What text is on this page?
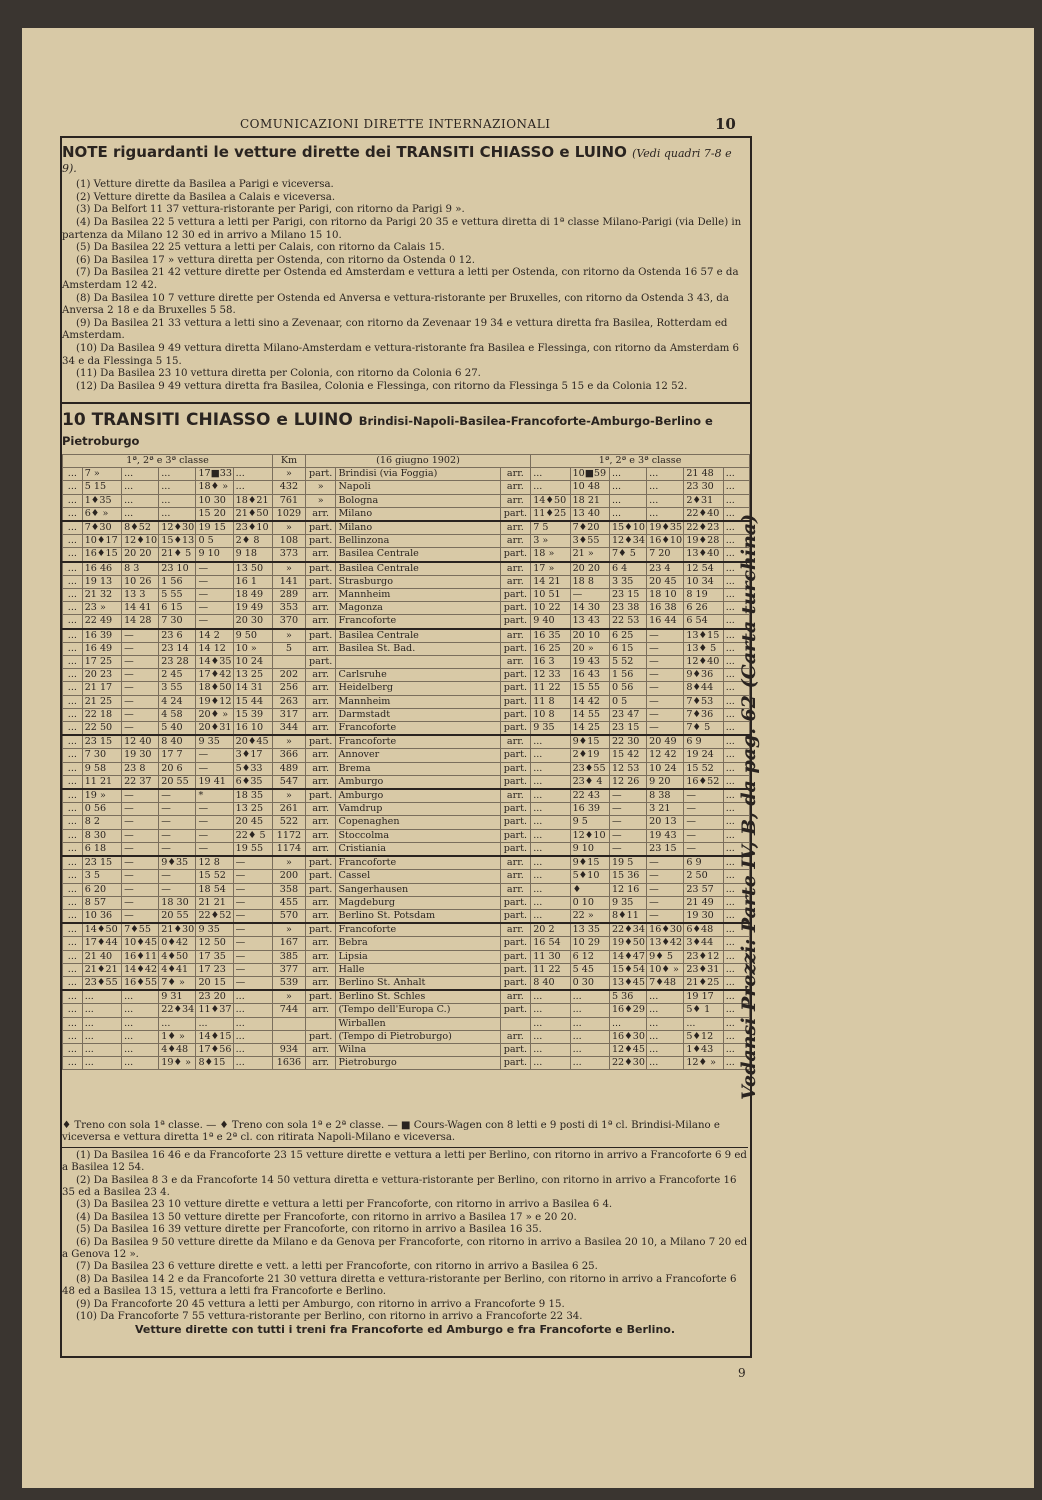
COMUNICAZIONI DIRETTE INTERNAZIONALI	10
NOTE riguardanti le vetture dirette dei TRANSITI CHIASSO e LUINO (Vedi quadri 7-8 e 9).

(1) Vetture dirette da Basilea a Parigi e viceversa.

(2) Vetture dirette da Basilea a Calais e viceversa.

(3) Da Belfort 11 37 vettura-ristorante per Parigi, con ritorno da Parigi 9 ».

(4) Da Basilea 22 5 vettura a letti per Parigi, con ritorno da Parigi 20 35 e vettura diretta di 1ª classe Milano-Parigi (via Delle) in partenza da Milano 12 30 ed in arrivo a Milano 15 10.

(5) Da Basilea 22 25 vettura a letti per Calais, con ritorno da Calais 15.

(6) Da Basilea 17 » vettura diretta per Ostenda, con ritorno da Ostenda 0 12.

(7) Da Basilea 21 42 vetture dirette per Ostenda ed Amsterdam e vettura a letti per Ostenda, con ritorno da Ostenda 16 57 e da Amsterdam 12 42.

(8) Da Basilea 10 7 vetture dirette per Ostenda ed Anversa e vettura-ristorante per Bruxelles, con ritorno da Ostenda 3 43, da Anversa 2 18 e da Bruxelles 5 58.

(9) Da Basilea 21 33 vettura a letti sino a Zevenaar, con ritorno da Zevenaar 19 34 e vettura diretta fra Basilea, Rotterdam ed Amsterdam.

(10) Da Basilea 9 49 vettura diretta Milano-Amsterdam e vettura-ristorante fra Basilea e Flessinga, con ritorno da Amsterdam 6 34 e da Flessinga 5 15.

(11) Da Basilea 23 10 vettura diretta per Colonia, con ritorno da Colonia 6 27.

(12) Da Basilea 9 49 vettura diretta fra Basilea, Colonia e Flessinga, con ritorno da Flessinga 5 15 e da Colonia 12 52.

10 TRANSITI CHIASSO e LUINO Brindisi-Napoli-Basilea-Francoforte-Amburgo-Berlino e Pietroburgo
1ª, 2ª e 3ª classe						Km	(16 giugno 1902)			1ª, 2ª e 3ª classe					
...	7 »	...	...	17■33	...	»	part.	Brindisi (via Foggia)	arr.	...	10■59	...	...	21 48	...
...	5 15	...	...	18♦ »	...	432	»	Napoli	arr.	...	10 48	...	...	23 30	...
...	1♦35	...	...	10 30	18♦21	761	»	Bologna	arr.	14♦50	18 21	...	...	2♦31	...
...	6♦ »	...	...	15 20	21♦50	1029	arr.	Milano	part.	11♦25	13 40	...	...	22♦40	...
...	7♦30	8♦52	12♦30	19 15	23♦10	»	part.	Milano	arr.	7 5	7♦20	15♦10	19♦35	22♦23	...
...	10♦17	12♦10	15♦13	0 5	2♦ 8	108	part.	Bellinzona	arr.	3 »	3♦55	12♦34	16♦10	19♦28	...
...	16♦15	20 20	21♦ 5	9 10	9 18	373	arr.	Basilea Centrale	part.	18 »	21 »	7♦ 5	7 20	13♦40	...
...	16 46	8 3	23 10	—	13 50	»	part.	Basilea Centrale	arr.	17 »	20 20	6 4	23 4	12 54	...
...	19 13	10 26	1 56	—	16 1	141	part.	Strasburgo	arr.	14 21	18 8	3 35	20 45	10 34	...
...	21 32	13 3	5 55	—	18 49	289	arr.	Mannheim	part.	10 51	—	23 15	18 10	8 19	...
...	23 »	14 41	6 15	—	19 49	353	arr.	Magonza	part.	10 22	14 30	23 38	16 38	6 26	...
...	22 49	14 28	7 30	—	20 30	370	arr.	Francoforte	part.	9 40	13 43	22 53	16 44	6 54	...
...	16 39	—	23 6	14 2	9 50	»	part.	Basilea Centrale	arr.	16 35	20 10	6 25	—	13♦15	...
...	16 49	—	23 14	14 12	10 »	5	arr.	Basilea St. Bad.	part.	16 25	20 »	6 15	—	13♦ 5	...
...	17 25	—	23 28	14♦35	10 24		part.		arr.	16 3	19 43	5 52	—	12♦40	...
...	20 23	—	2 45	17♦42	13 25	202	arr.	Carlsruhe	part.	12 33	16 43	1 56	—	9♦36	...
...	21 17	—	3 55	18♦50	14 31	256	arr.	Heidelberg	part.	11 22	15 55	0 56	—	8♦44	...
...	21 25	—	4 24	19♦12	15 44	263	arr.	Mannheim	part.	11 8	14 42	0 5	—	7♦53	...
...	22 18	—	4 58	20♦ »	15 39	317	arr.	Darmstadt	part.	10 8	14 55	23 47	—	7♦36	...
...	22 50	—	5 40	20♦31	16 10	344	arr.	Francoforte	part.	9 35	14 25	23 15	—	7♦ 5	...
...	23 15	12 40	8 40	9 35	20♦45	»	part.	Francoforte	arr.	...	9♦15	22 30	20 49	6 9	...
...	7 30	19 30	17 7	—	3♦17	366	arr.	Annover	part.	...	2♦19	15 42	12 42	19 24	...
...	9 58	23 8	20 6	—	5♦33	489	arr.	Brema	part.	...	23♦55	12 53	10 24	15 52	...
...	11 21	22 37	20 55	19 41	6♦35	547	arr.	Amburgo	part.	...	23♦ 4	12 26	9 20	16♦52	...
...	19 »	—	—	*	18 35	»	part.	Amburgo	arr.	...	22 43	—	8 38	—	...
...	0 56	—	—	—	13 25	261	arr.	Vamdrup	part.	...	16 39	—	3 21	—	...
...	8 2	—	—	—	20 45	522	arr.	Copenaghen	part.	...	9 5	—	20 13	—	...
...	8 30	—	—	—	22♦ 5	1172	arr.	Stoccolma	part.	...	12♦10	—	19 43	—	...
...	6 18	—	—	—	19 55	1174	arr.	Cristiania	part.	...	9 10	—	23 15	—	...
...	23 15	—	9♦35	12 8	—	»	part.	Francoforte	arr.	...	9♦15	19 5	—	6 9	...
...	3 5	—	—	15 52	—	200	part.	Cassel	arr.	...	5♦10	15 36	—	2 50	...
...	6 20	—	—	18 54	—	358	part.	Sangerhausen	arr.	...	♦	12 16	—	23 57	...
...	8 57	—	18 30	21 21	—	455	arr.	Magdeburg	part.	...	0 10	9 35	—	21 49	...
...	10 36	—	20 55	22♦52	—	570	arr.	Berlino St. Potsdam	part.	...	22 »	8♦11	—	19 30	...
...	14♦50	7♦55	21♦30	9 35	—	»	part.	Francoforte	arr.	20 2	13 35	22♦34	16♦30	6♦48	...
...	17♦44	10♦45	0♦42	12 50	—	167	arr.	Bebra	part.	16 54	10 29	19♦50	13♦42	3♦44	...
...	21 40	16♦11	4♦50	17 35	—	385	arr.	Lipsia	part.	11 30	6 12	14♦47	9♦ 5	23♦12	...
...	21♦21	14♦42	4♦41	17 23	—	377	arr.	Halle	part.	11 22	5 45	15♦54	10♦ »	23♦31	...
...	23♦55	16♦55	7♦ »	20 15	—	539	arr.	Berlino St. Anhalt	part.	8 40	0 30	13♦45	7♦48	21♦25	...
...	...	...	9 31	23 20	...	»	part.	Berlino St. Schles	arr.	...	...	5 36	...	19 17	...
...	...	...	22♦34	11♦37	...	744	arr.	(Tempo dell'Europa C.)	part.	...	...	16♦29	...	5♦ 1	...
...	...	...	...	...	...			Wirballen		...	...	...	...	...	...
...	...	...	1♦ »	14♦15	...		part.	(Tempo di Pietroburgo)	arr.	...	...	16♦30	...	5♦12	...
...	...	...	4♦48	17♦56	...	934	arr.	Wilna	part.	...	...	12♦45	...	1♦43	...
...	...	...	19♦ »	8♦15	...	1636	arr.	Pietroburgo	part.	...	...	22♦30	...	12♦ »	...

♦ Treno con sola 1ª classe. — ♦ Treno con sola 1ª e 2ª classe. — ■ Cours-Wagen con 8 letti e 9 posti di 1ª cl. Brindisi-Milano e viceversa e vettura diretta 1ª e 2ª cl. con ritirata Napoli-Milano e viceversa.

(1) Da Basilea 16 46 e da Francoforte 23 15 vetture dirette e vettura a letti per Berlino, con ritorno in arrivo a Francoforte 6 9 ed a Basilea 12 54.

(2) Da Basilea 8 3 e da Francoforte 14 50 vettura diretta e vettura-ristorante per Berlino, con ritorno in arrivo a Francoforte 16 35 ed a Basilea 23 4.

(3) Da Basilea 23 10 vetture dirette e vettura a letti per Francoforte, con ritorno in arrivo a Basilea 6 4.

(4) Da Basilea 13 50 vetture dirette per Francoforte, con ritorno in arrivo a Basilea 17 » e 20 20.

(5) Da Basilea 16 39 vetture dirette per Francoforte, con ritorno in arrivo a Basilea 16 35.

(6) Da Basilea 9 50 vetture dirette da Milano e da Genova per Francoforte, con ritorno in arrivo a Basilea 20 10, a Milano 7 20 ed a Genova 12 ».

(7) Da Basilea 23 6 vetture dirette e vett. a letti per Francoforte, con ritorno in arrivo a Basilea 6 25.

(8) Da Basilea 14 2 e da Francoforte 21 30 vettura diretta e vettura-ristorante per Berlino, con ritorno in arrivo a Francoforte 6 48 ed a Basilea 13 15, vettura a letti fra Francoforte e Berlino.

(9) Da Francoforte 20 45 vettura a letti per Amburgo, con ritorno in arrivo a Francoforte 9 15.

(10) Da Francoforte 7 55 vettura-ristorante per Berlino, con ritorno in arrivo a Francoforte 22 34.

Vetture dirette con tutti i treni fra Francoforte ed Amburgo e fra Francoforte e Berlino.

Vedansi Prezzi: Parte IV, B, da pag. 62 (Carta turchina)
9
